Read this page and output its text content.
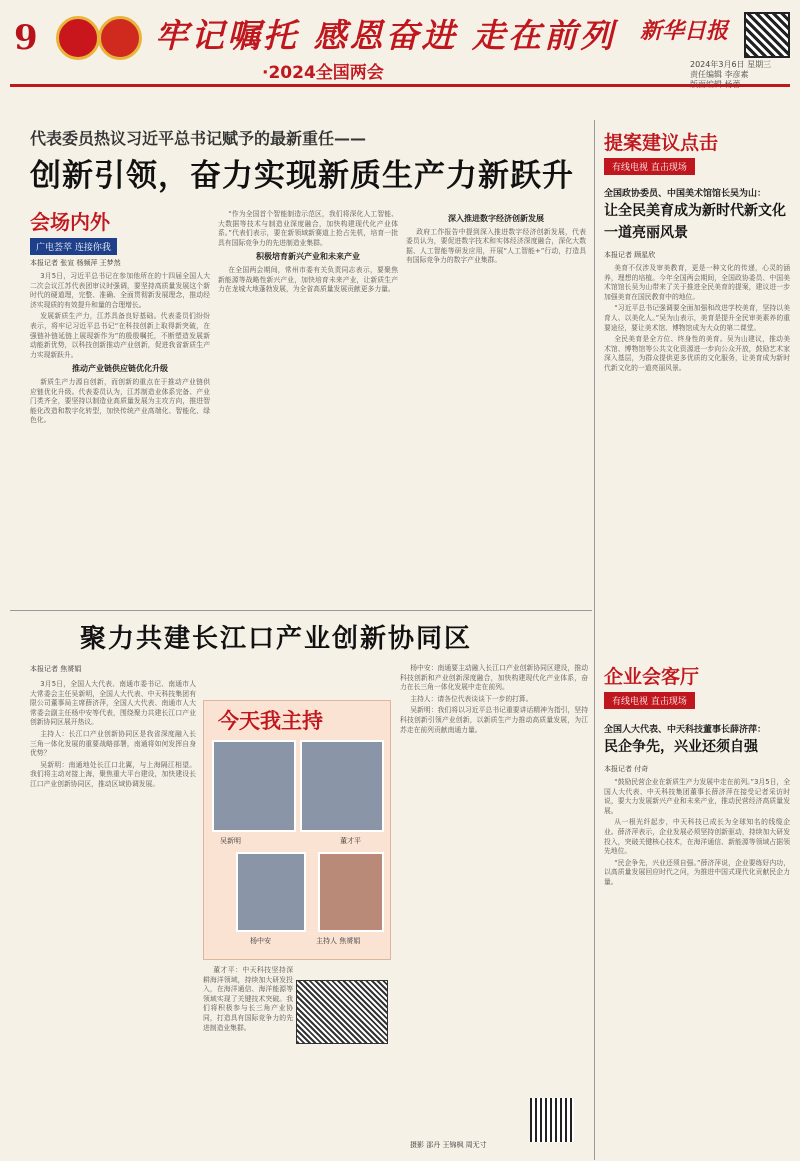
9	牢记嘱托 感恩奋进 走在前列
·2024全国两会
新华日报
2024年3月6日 星期三
责任编辑 李彦素
代表委员热议习近平总书记赋予的最新重任——
创新引领，奋力实现新质生产力新跃升
会场内外
广电荟萃 连接你我
本报记者 张宣 杨频萍 王梦然

3月5日，习近平总书记在参加他所在的十四届全国人大二次会议江苏代表团审议时强调，要坚持高质量发展这个新时代的硬道理，完整、准确、全面贯彻新发展理念，推动经济实现质的有效提升和量的合理增长。

发展新质生产力，江苏具备良好基础。代表委员们纷纷表示，将牢记习近平总书记“在科技创新上取得新突破，在强链补链延链上展现新作为”的殷殷嘱托，不断塑造发展新动能新优势，以科技创新推动产业创新，促进我省新质生产力实现新跃升。

推动产业链供应链优化升级

新质生产力源自创新，而创新的重点在于推动产业链供应链优化升级。代表委员认为，江苏制造业体系完备、产业门类齐全，要坚持以制造业高质量发展为主攻方向，推进智能化改造和数字化转型，加快传统产业高端化、智能化、绿色化。

“作为全国首个智能制造示范区，我们将深化人工智能、大数据等技术与制造业深度融合，加快构建现代化产业体系。”代表们表示，要在新领域新赛道上抢占先机，培育一批具有国际竞争力的先进制造业集群。

积极培育新兴产业和未来产业

在全国两会期间，常州市委有关负责同志表示，要聚焦新能源等战略性新兴产业，加快培育未来产业，让新质生产力在龙城大地蓬勃发展，为全省高质量发展贡献更多力量。

深入推进数字经济创新发展

政府工作报告中提到深入推进数字经济创新发展，代表委员认为，要促进数字技术和实体经济深度融合，深化大数据、人工智能等研发应用，开展“人工智能+”行动，打造具有国际竞争力的数字产业集群。

提案建议点击
有线电视 直击现场
全国政协委员、中国美术馆馆长吴为山：
让全民美育成为新时代新文化一道亮丽风景
本报记者 顾星欣

美育不仅涉及审美教育，更是一种文化的传递，心灵的涵养，理想的培植。今年全国两会期间，全国政协委员、中国美术馆馆长吴为山带来了关于推进全民美育的提案，建议进一步加强美育在国民教育中的地位。

“习近平总书记强调要全面加强和改进学校美育，坚持以美育人、以美化人。”吴为山表示，美育是提升全民审美素养的重要途径，要让美术馆、博物馆成为大众的第二课堂。

全民美育是全方位、终身性的美育。吴为山建议，推动美术馆、博物馆等公共文化资源进一步向公众开放，鼓励艺术家深入基层，为群众提供更多优质的文化服务，让美育成为新时代新文化的一道亮丽风景。

企业会客厅
有线电视 直击现场
全国人大代表、中天科技董事长薛济萍：
民企争先，兴业还须自强
本报记者 付奇

“鼓励民营企业在新质生产力发展中走在前列。”3月5日，全国人大代表、中天科技集团董事长薛济萍在接受记者采访时说，要大力发展新兴产业和未来产业，推动民营经济高质量发展。

从一根光纤起步，中天科技已成长为全球知名的线缆企业。薛济萍表示，企业发展必须坚持创新驱动，持续加大研发投入，突破关键核心技术，在海洋通信、新能源等领域占据领先地位。

“民企争先，兴业还须自强。”薛济萍说，企业要练好内功，以高质量发展回应时代之问，为推进中国式现代化贡献民企力量。

聚力共建长江口产业创新协同区
本报记者 焦赟娟

3月5日，全国人大代表、南通市委书记、南通市人大常委会主任吴新明，全国人大代表、中天科技集团有限公司董事局主席薛济萍，全国人大代表、南通市人大常委会副主任杨中安等代表，围绕聚力共建长江口产业创新协同区展开热议。

主持人：长江口产业创新协同区是我省深度融入长三角一体化发展的重要战略部署，南通将如何发挥自身优势？

吴新明：南通地处长江口北翼，与上海隔江相望。我们将主动对接上海，聚焦重大平台建设，加快建设长江口产业创新协同区，推动区域协调发展。

今天我主持
吴新明	董才平
杨中安	主持人 焦赟娟

董才平：中天科技坚持深耕海洋领域，持续加大研发投入，在海洋通信、海洋能源等领域实现了关键技术突破。我们将积极参与长三角产业协同，打造具有国际竞争力的先进制造业集群。

杨中安：南通要主动融入长江口产业创新协同区建设，推动科技创新和产业创新深度融合，加快构建现代化产业体系，奋力在长三角一体化发展中走在前列。

主持人：请各位代表谈谈下一步的打算。

吴新明：我们将以习近平总书记重要讲话精神为指引，坚持科技创新引领产业创新，以新质生产力推动高质量发展，为江苏走在前列贡献南通力量。

摄影 邵丹 王锦枫 周无寸
